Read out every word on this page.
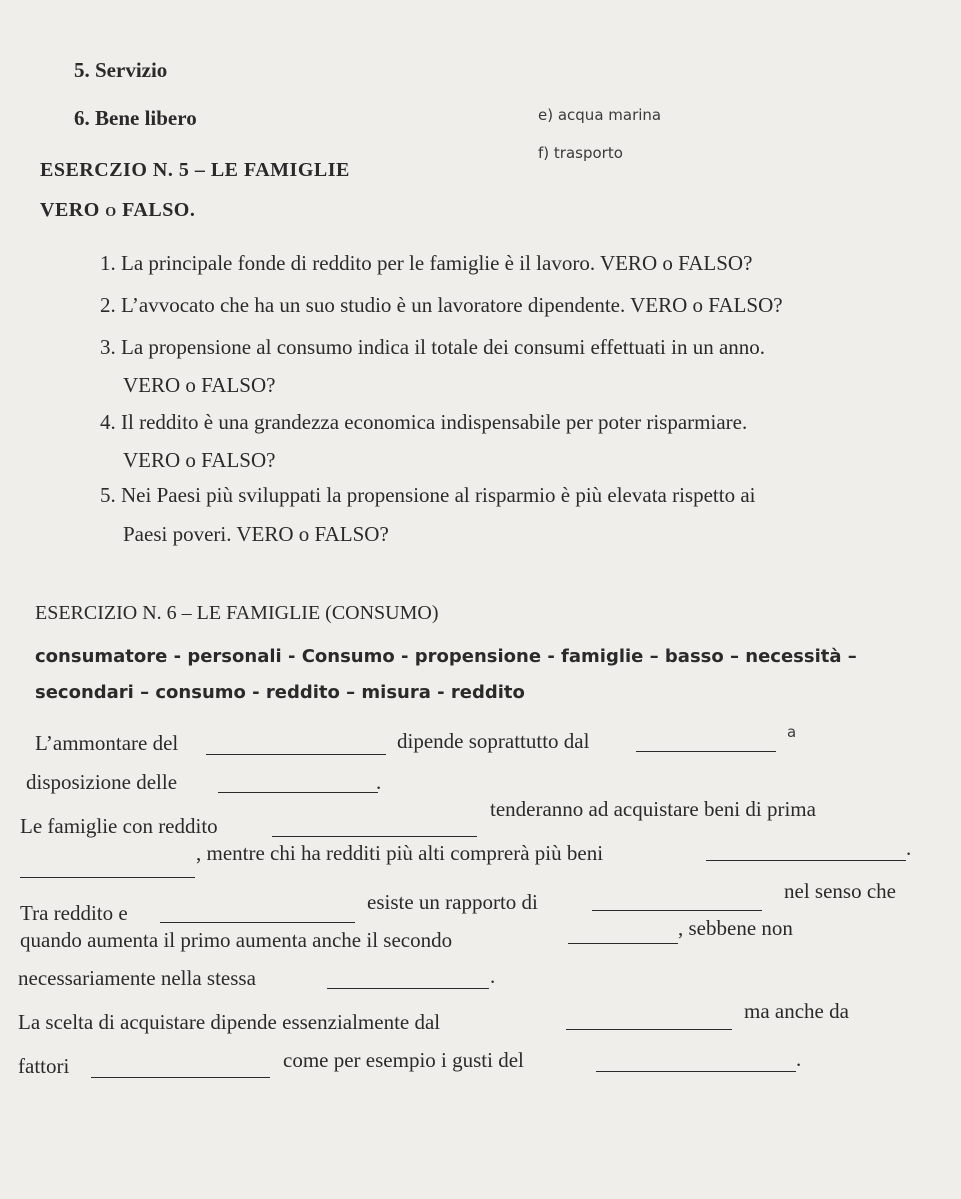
5. Servizio
6. Bene libero	e) acqua marina
f) trasporto
ESERCZIO N. 5 – LE FAMIGLIE
VERO o FALSO.
1. La principale fonde di reddito per le famiglie è il lavoro. VERO o FALSO?
2. L’avvocato che ha un suo studio è un lavoratore dipendente. VERO o FALSO?
3. La propensione al consumo indica il totale dei consumi effettuati in un anno.
VERO o FALSO?
4. Il reddito è una grandezza economica indispensabile per poter risparmiare.
VERO o FALSO?
5. Nei Paesi più sviluppati la propensione al risparmio è più elevata rispetto ai
Paesi poveri. VERO o FALSO?
ESERCIZIO N. 6 – LE FAMIGLIE (CONSUMO)
consumatore - personali - Consumo - propensione - famiglie – basso – necessità –
secondari – consumo - reddito – misura - reddito
L’ammontare del	dipende soprattutto dal	a
disposizione delle	.
Le famiglie con reddito
tenderanno ad acquistare beni di prima
, mentre chi ha redditi più alti comprerà più beni	.
Tra reddito e	esiste un rapporto di	nel senso che
quando aumenta il primo aumenta anche il secondo	, sebbene non
necessariamente nella stessa	.
La scelta di acquistare dipende essenzialmente dal	ma anche da
fattori	come per esempio i gusti del	.
